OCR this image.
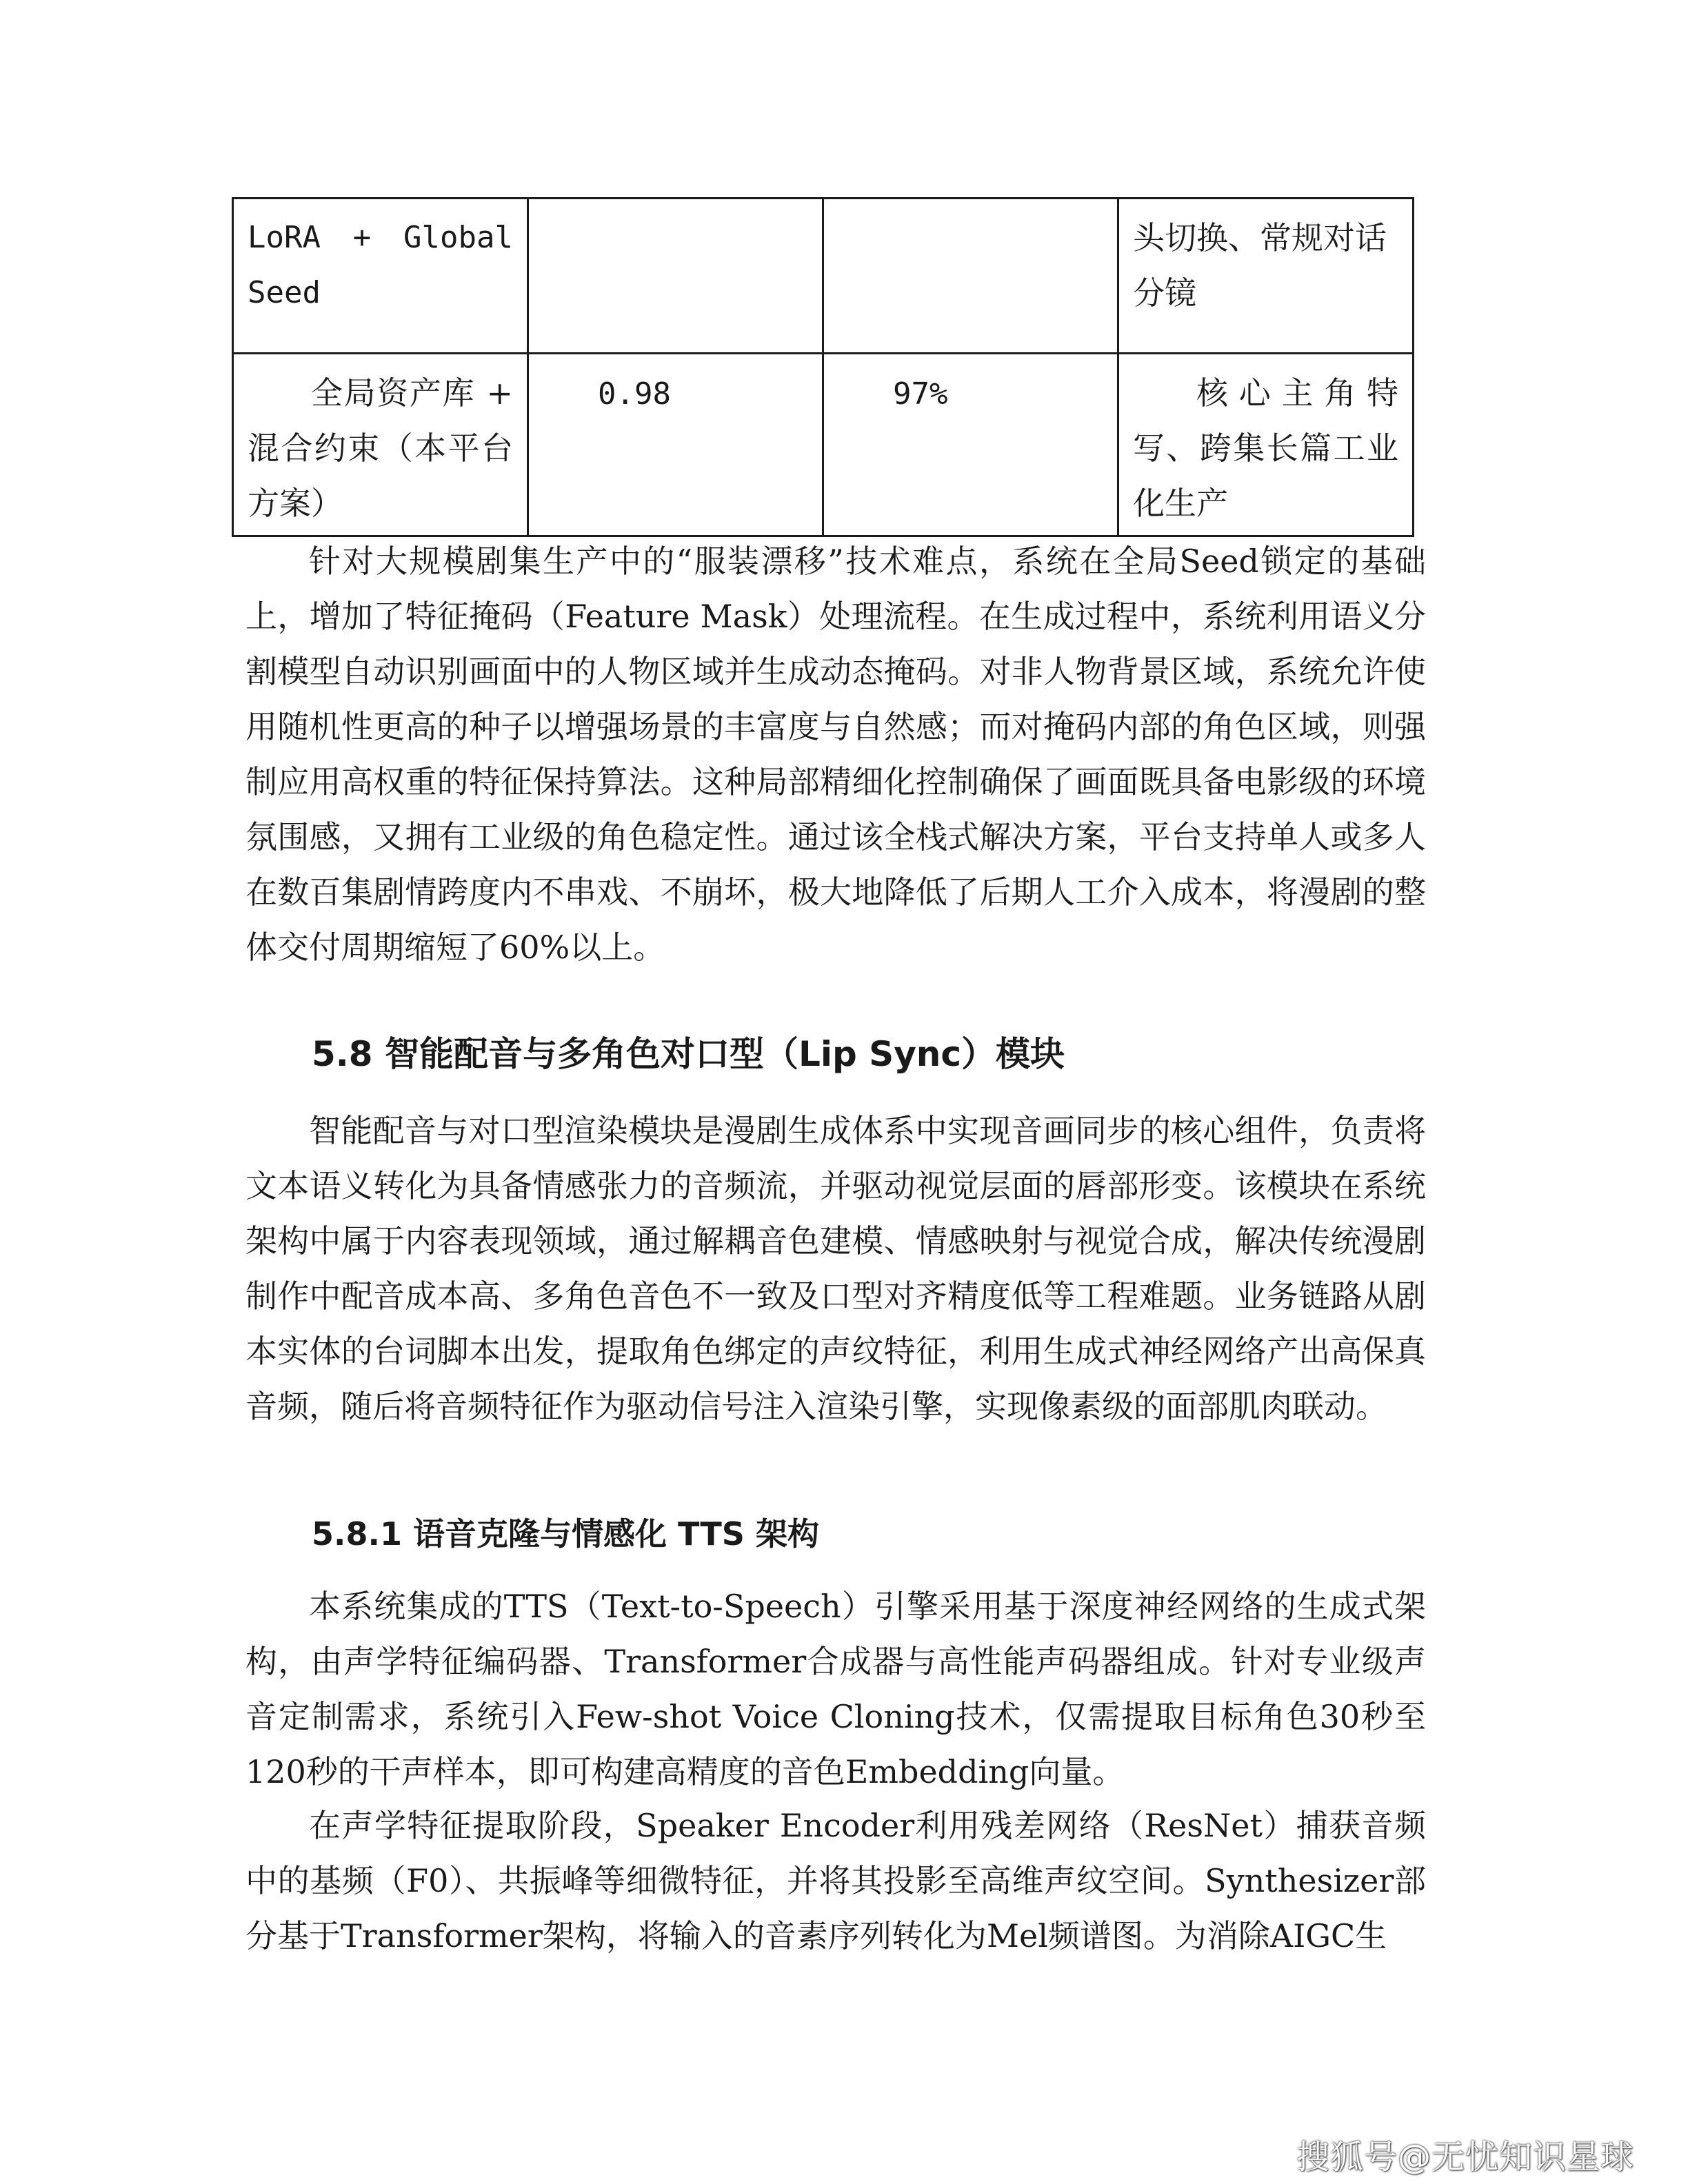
LoRA + Global Seed			头切换、常规对话分镜

全局资产库 + 混合约束（本平台方案）	0.98	97%	核心主角特写、跨集长篇工业化生产

针对大规模剧集生产中的“服装漂移”技术难点，系统在全局Seed锁定的基础上，增加了特征掩码（Feature Mask）处理流程。在生成过程中，系统利用语义分割模型自动识别画面中的人物区域并生成动态掩码。对非人物背景区域，系统允许使用随机性更高的种子以增强场景的丰富度与自然感；而对掩码内部的角色区域，则强制应用高权重的特征保持算法。这种局部精细化控制确保了画面既具备电影级的环境氛围感，又拥有工业级的角色稳定性。通过该全栈式解决方案，平台支持单人或多人在数百集剧情跨度内不串戏、不崩坏，极大地降低了后期人工介入成本，将漫剧的整体交付周期缩短了60%以上。

5.8 智能配音与多角色对口型（Lip Sync）模块

智能配音与对口型渲染模块是漫剧生成体系中实现音画同步的核心组件，负责将文本语义转化为具备情感张力的音频流，并驱动视觉层面的唇部形变。该模块在系统架构中属于内容表现领域，通过解耦音色建模、情感映射与视觉合成，解决传统漫剧制作中配音成本高、多角色音色不一致及口型对齐精度低等工程难题。业务链路从剧本实体的台词脚本出发，提取角色绑定的声纹特征，利用生成式神经网络产出高保真音频，随后将音频特征作为驱动信号注入渲染引擎，实现像素级的面部肌肉联动。

5.8.1 语音克隆与情感化 TTS 架构

本系统集成的TTS（Text-to-Speech）引擎采用基于深度神经网络的生成式架构，由声学特征编码器、Transformer合成器与高性能声码器组成。针对专业级声音定制需求，系统引入Few-shot Voice Cloning技术，仅需提取目标角色30秒至120秒的干声样本，即可构建高精度的音色Embedding向量。

在声学特征提取阶段，Speaker Encoder利用残差网络（ResNet）捕获音频中的基频（F0）、共振峰等细微特征，并将其投影至高维声纹空间。Synthesizer部分基于Transformer架构，将输入的音素序列转化为Mel频谱图。为消除AIGC生

搜狐号@无忧知识星球
